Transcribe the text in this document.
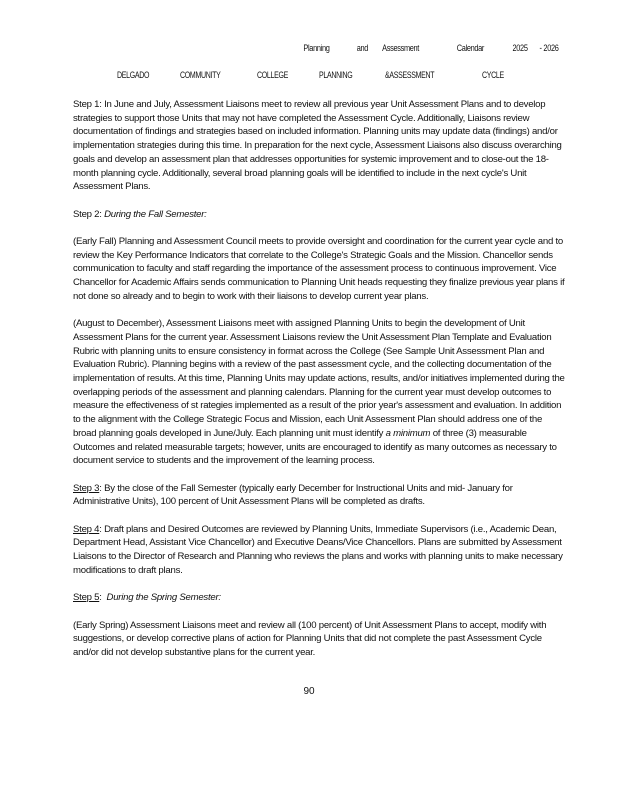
Planning	and Assessment	Calendar	2025 - 2026
DELGADO	COMMUNITY	COLLEGE	PLANNING	&ASSESSMENT	CYCLE

Step 1: In June and July, Assessment Liaisons meet to review all previous year Unit Assessment Plans and to develop strategies to support those Units that may not have completed the Assessment Cycle. Additionally, Liaisons review documentation of findings and strategies based on included information. Planning units may update data (findings) and/or implementation strategies during this time. In preparation for the next cycle, Assessment Liaisons also discuss overarching goals and develop an assessment plan that addresses opportunities for systemic improvement and to close-out the 18-month planning cycle. Additionally, several broad planning goals will be identified to include in the next cycle's Unit Assessment Plans.

Step 2: During the Fall Semester:

(Early Fall) Planning and Assessment Council meets to provide oversight and coordination for the current year cycle and to review the Key Performance Indicators that correlate to the College's Strategic Goals and the Mission. Chancellor sends communication to faculty and staff regarding the importance of the assessment process to continuous improvement. Vice Chancellor for Academic Affairs sends communication to Planning Unit heads requesting they finalize previous year plans if not done so already and to begin to work with their liaisons to develop current year plans.

(August to December), Assessment Liaisons meet with assigned Planning Units to begin the development of Unit Assessment Plans for the current year. Assessment Liaisons review the Unit Assessment Plan Template and Evaluation Rubric with planning units to ensure consistency in format across the College (See Sample Unit Assessment Plan and Evaluation Rubric). Planning begins with a review of the past assessment cycle, and the collecting documentation of the implementation of results. At this time, Planning Units may update actions, results, and/or initiatives implemented during the overlapping periods of the assessment and planning calendars. Planning for the current year must develop outcomes to measure the effectiveness of st rategies implemented as a result of the prior year's assessment and evaluation. In addition to the alignment with the College Strategic Focus and Mission, each Unit Assessment Plan should address one of the broad planning goals developed in June/July. Each planning unit must identify a minimum of three (3) measurable Outcomes and related measurable targets; however, units are encouraged to identify as many outcomes as necessary to document service to students and the improvement of the learning process.

Step 3: By the close of the Fall Semester (typically early December for Instructional Units and mid- January for Administrative Units), 100 percent of Unit Assessment Plans will be completed as drafts.

Step 4: Draft plans and Desired Outcomes are reviewed by Planning Units, Immediate Supervisors (i.e., Academic Dean, Department Head, Assistant Vice Chancellor) and Executive Deans/Vice Chancellors. Plans are submitted by Assessment Liaisons to the Director of Research and Planning who reviews the plans and works with planning units to make necessary modifications to draft plans.

Step 5: During the Spring Semester:

(Early Spring) Assessment Liaisons meet and review all (100 percent) of Unit Assessment Plans to accept, modify with suggestions, or develop corrective plans of action for Planning Units that did not complete the past Assessment Cycle and/or did not develop substantive plans for the current year.

90
